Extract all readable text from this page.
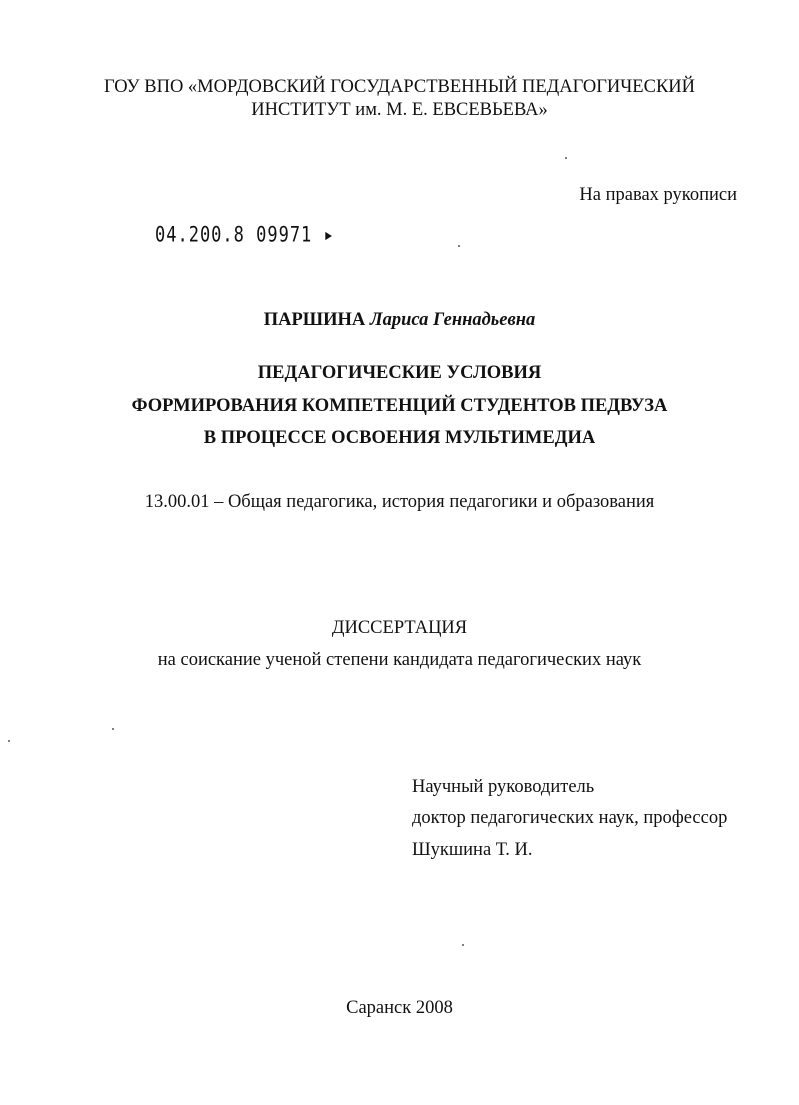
ГОУ ВПО «МОРДОВСКИЙ ГОСУДАРСТВЕННЫЙ ПЕДАГОГИЧЕСКИЙ
ИНСТИТУТ им. М. Е. ЕВСЕВЬЕВА»
На правах рукописи
04.200.8 09971 ▸
ПАРШИНА Лариса Геннадьевна
ПЕДАГОГИЧЕСКИЕ УСЛОВИЯ
ФОРМИРОВАНИЯ КОМПЕТЕНЦИЙ СТУДЕНТОВ ПЕДВУЗА
В ПРОЦЕССЕ ОСВОЕНИЯ МУЛЬТИМЕДИА
13.00.01 – Общая педагогика, история педагогики и образования
ДИССЕРТАЦИЯ
на соискание ученой степени кандидата педагогических наук
Научный руководитель
доктор педагогических наук, профессор
Шукшина Т. И.
Саранск 2008
